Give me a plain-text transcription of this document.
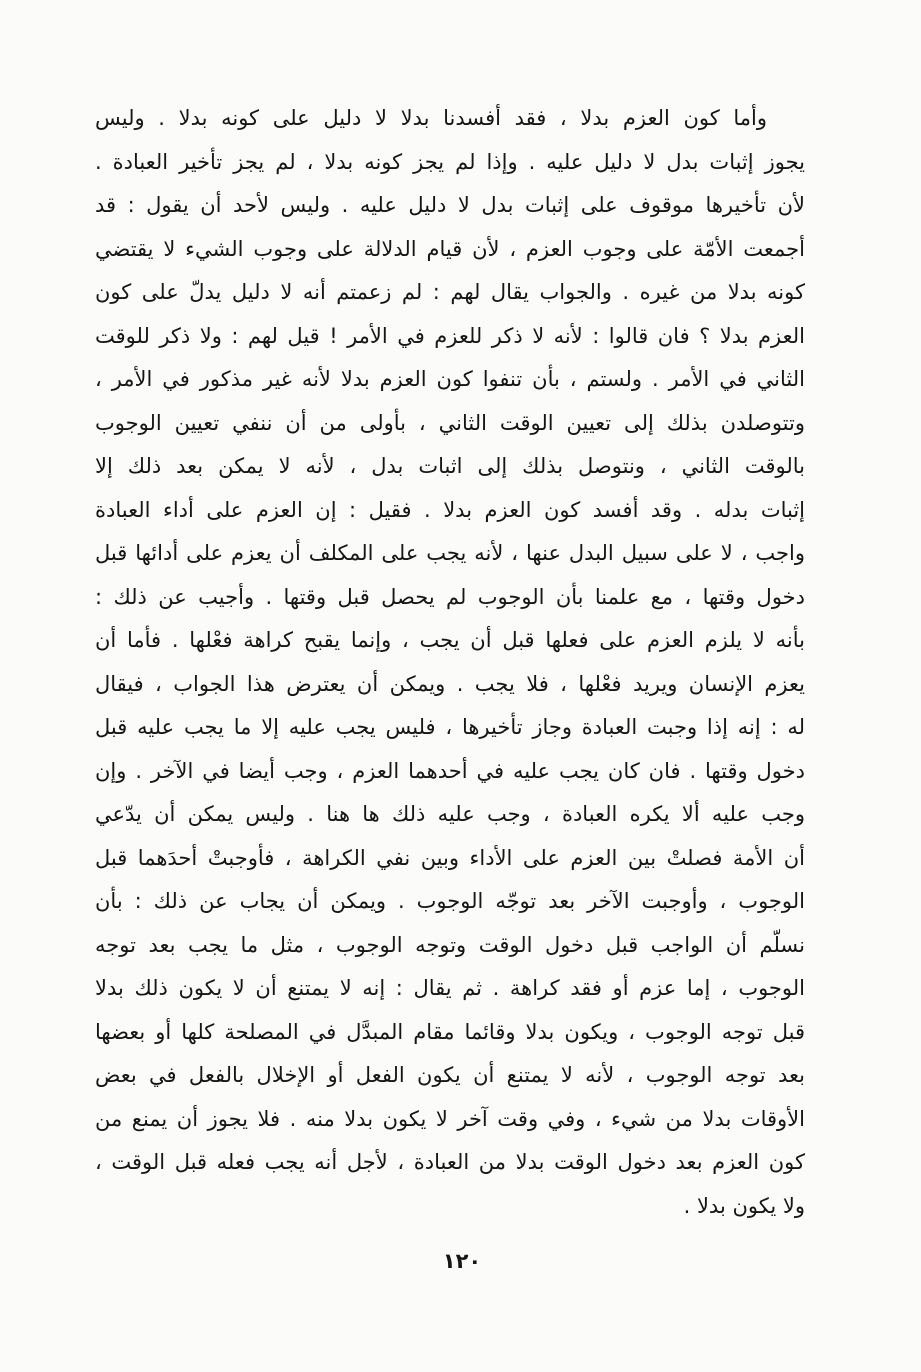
وأما كون العزم بدلا ، فقد أفسدنا بدلا لا دليل على كونه بدلا . وليس
يجوز إثبات بدل لا دليل عليه . وإذا لم يجز كونه بدلا ، لم يجز تأخير العبادة .
لأن تأخيرها موقوف على إثبات بدل لا دليل عليه . وليس لأحد أن يقول : قد
أجمعت الأمّة على وجوب العزم ، لأن قيام الدلالة على وجوب الشيء لا يقتضي
كونه بدلا من غيره . والجواب يقال لهم : لم زعمتم أنه لا دليل يدلّ على كون
العزم بدلا ؟ فان قالوا : لأنه لا ذكر للعزم في الأمر ! قيل لهم : ولا ذكر للوقت
الثاني في الأمر . ولستم ، بأن تنفوا كون العزم بدلا لأنه غير مذكور في الأمر ،
وتتوصلدن بذلك إلى تعيين الوقت الثاني ، بأولى من أن ننفي تعيين الوجوب
بالوقت الثاني ، ونتوصل بذلك إلى اثبات بدل ، لأنه لا يمكن بعد ذلك إلا
إثبات بدله . وقد أفسد كون العزم بدلا . فقيل : إن العزم على أداء العبادة
واجب ، لا على سبيل البدل عنها ، لأنه يجب على المكلف أن يعزم على أدائها قبل
دخول وقتها ، مع علمنا بأن الوجوب لم يحصل قبل وقتها . وأجيب عن ذلك :
بأنه لا يلزم العزم على فعلها قبل أن يجب ، وإنما يقبح كراهة فعْلها . فأما أن
يعزم الإنسان ويريد فعْلها ، فلا يجب . ويمكن أن يعترض هذا الجواب ، فيقال
له : إنه إذا وجبت العبادة وجاز تأخيرها ، فليس يجب عليه إلا ما يجب عليه قبل
دخول وقتها . فان كان يجب عليه في أحدهما العزم ، وجب أيضا في الآخر . وإن
وجب عليه ألا يكره العبادة ، وجب عليه ذلك ها هنا . وليس يمكن أن يدّعي
أن الأمة فصلتْ بين العزم على الأداء وبين نفي الكراهة ، فأوجبتْ أحدَهما قبل
الوجوب ، وأوجبت الآخر بعد توجّه الوجوب . ويمكن أن يجاب عن ذلك : بأن
نسلّم أن الواجب قبل دخول الوقت وتوجه الوجوب ، مثل ما يجب بعد توجه
الوجوب ، إما عزم أو فقد كراهة . ثم يقال : إنه لا يمتنع أن لا يكون ذلك بدلا
قبل توجه الوجوب ، ويكون بدلا وقائما مقام المبدَّل في المصلحة كلها أو بعضها
بعد توجه الوجوب ، لأنه لا يمتنع أن يكون الفعل أو الإخلال بالفعل في بعض
الأوقات بدلا من شيء ، وفي وقت آخر لا يكون بدلا منه . فلا يجوز أن يمنع من
كون العزم بعد دخول الوقت بدلا من العبادة ، لأجل أنه يجب فعله قبل الوقت ،
ولا يكون بدلا .
١٢٠
